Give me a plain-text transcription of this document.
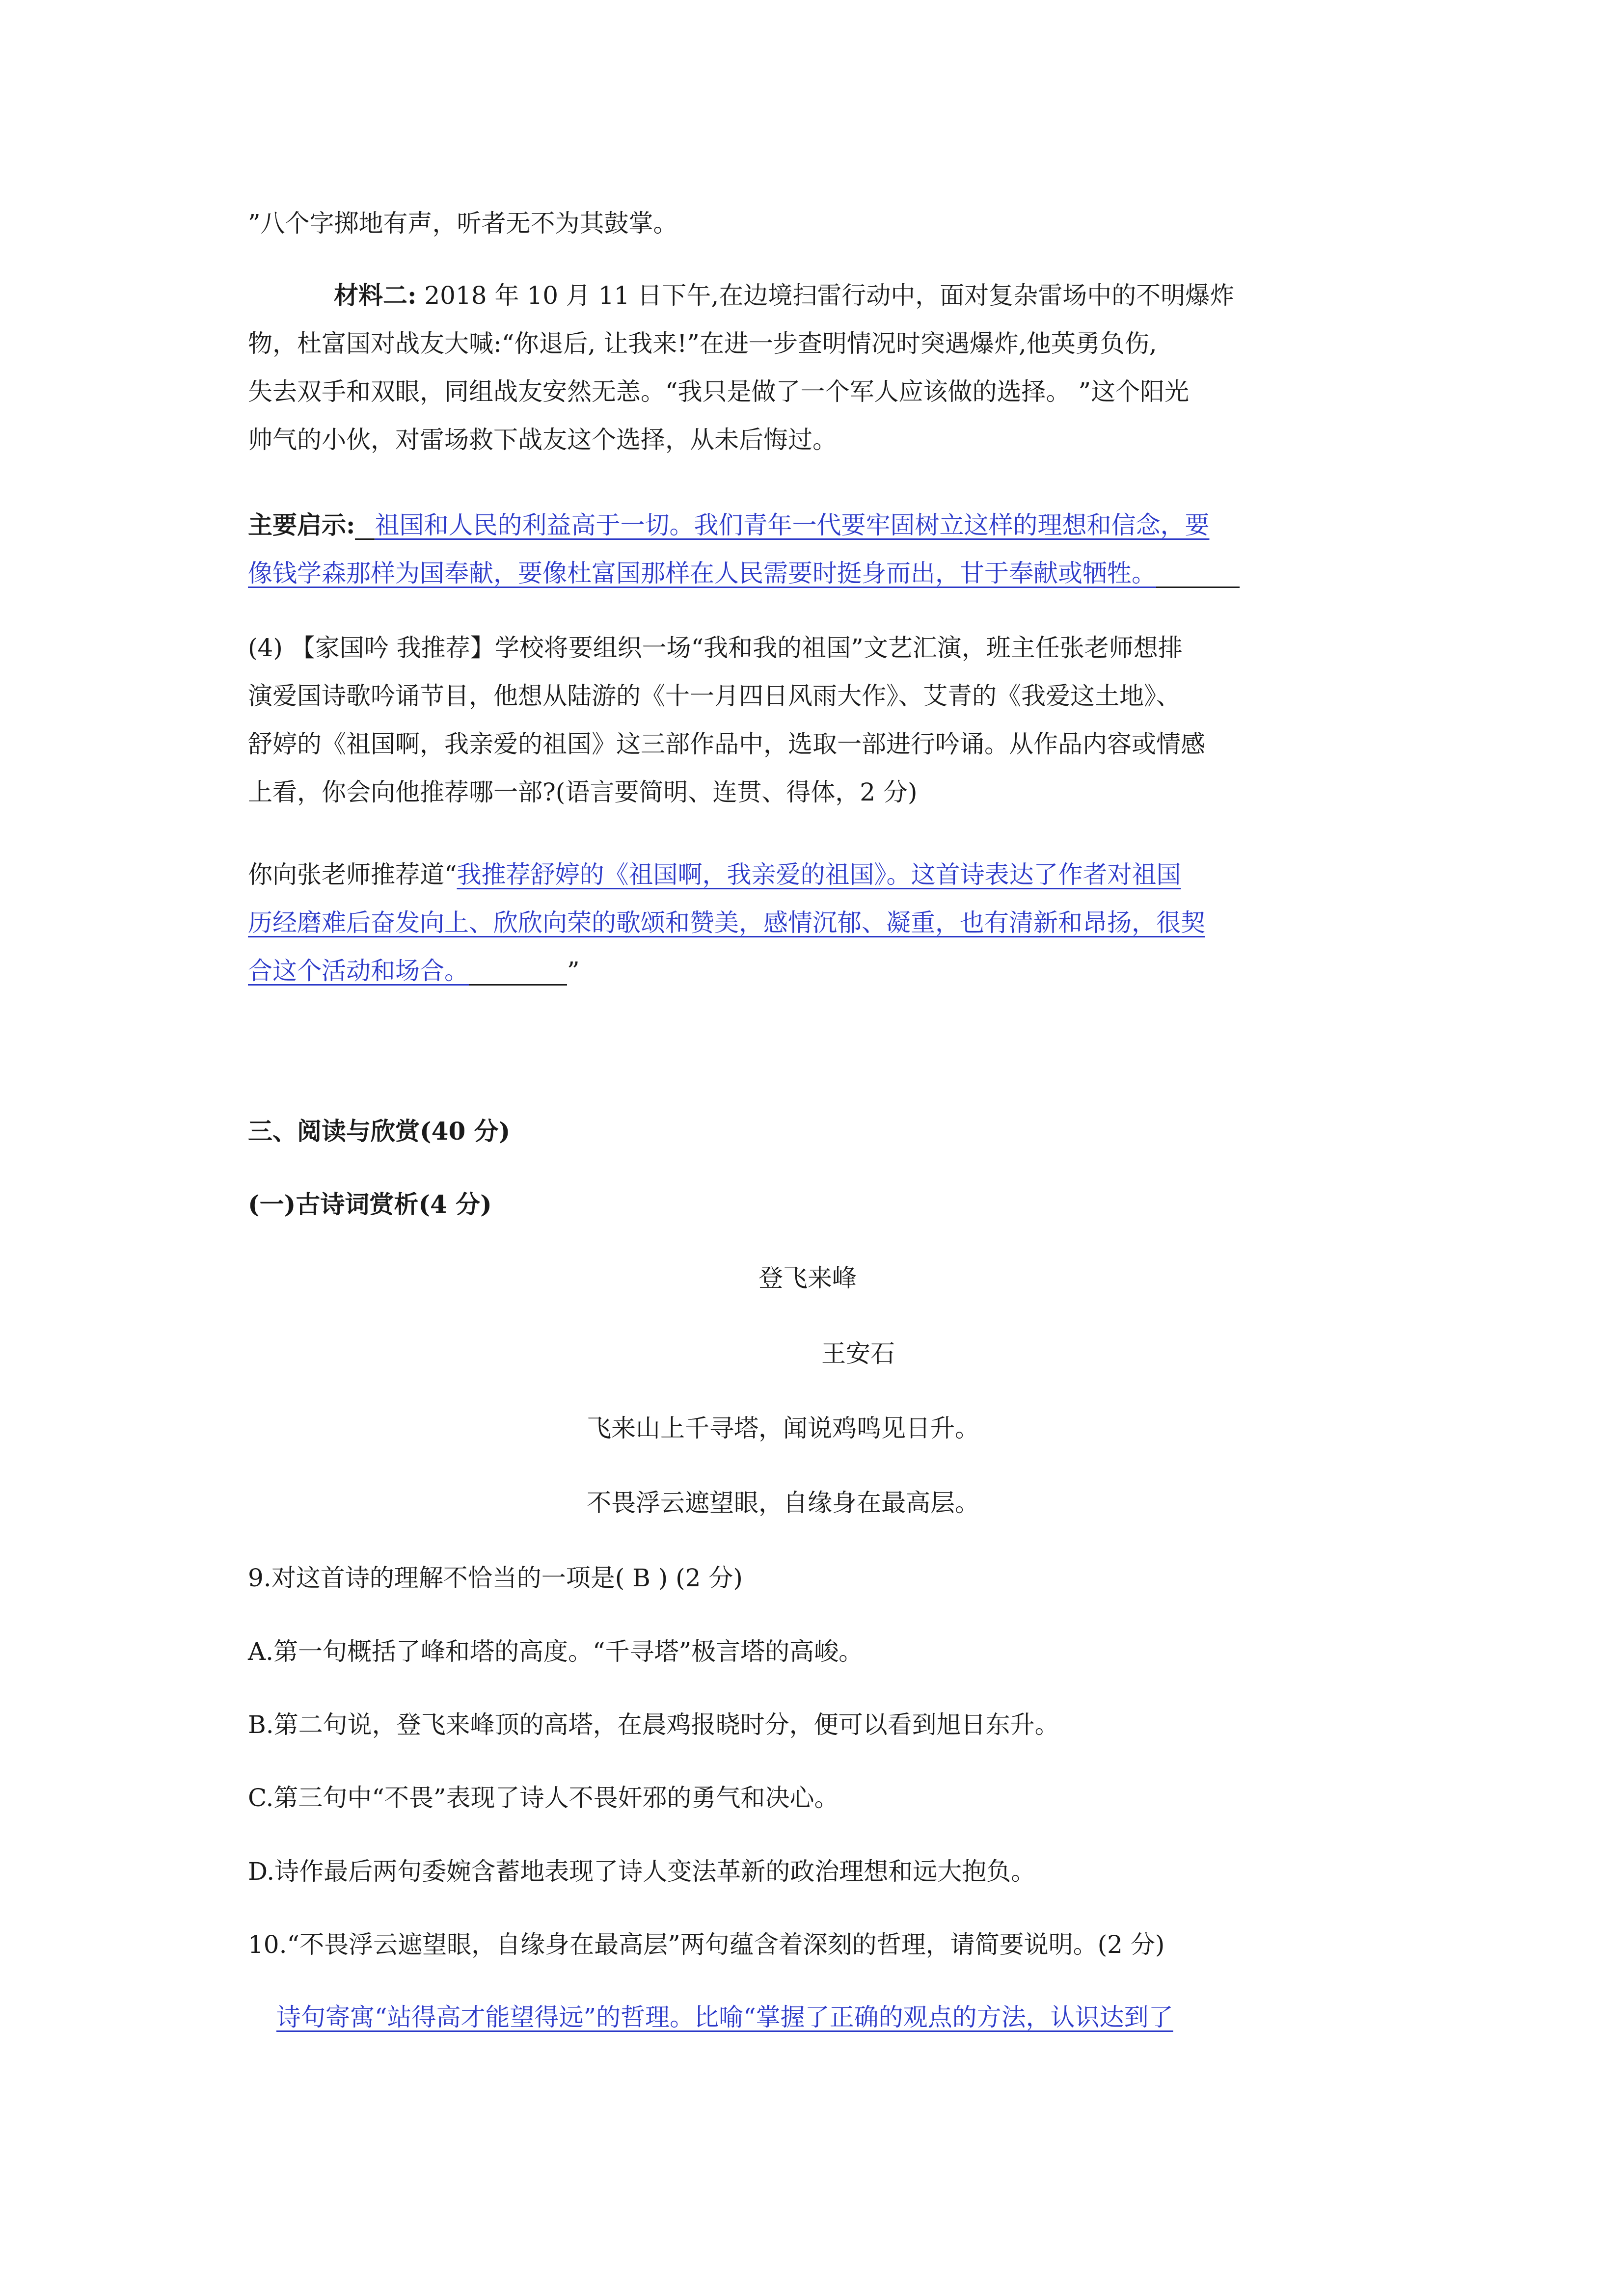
”八个字掷地有声，听者无不为其鼓掌。

材料二: 2018 年 10 月 11 日下午,在边境扫雷行动中，面对复杂雷场中的不明爆炸

物，杜富国对战友大喊:“你退后, 让我来!”在进一步查明情况时突遇爆炸,他英勇负伤,

失去双手和双眼，同组战友安然无恙。“我只是做了一个军人应该做的选择。 ”这个阳光

帅气的小伙，对雷场救下战友这个选择，从未后悔过。

主要启示: 祖国和人民的利益高于一切。我们青年一代要牢固树立这样的理想和信念，要

像钱学森那样为国奉献，要像杜富国那样在人民需要时挺身而出，甘于奉献或牺牲。

(4) 【家国吟 我推荐】学校将要组织一场“我和我的祖国”文艺汇演，班主任张老师想排

演爱国诗歌吟诵节目，他想从陆游的《十一月四日风雨大作》、艾青的《我爱这土地》、

舒婷的《祖国啊，我亲爱的祖国》这三部作品中，选取一部进行吟诵。从作品内容或情感

上看，你会向他推荐哪一部?(语言要简明、连贯、得体，2 分)

你向张老师推荐道“我推荐舒婷的《祖国啊，我亲爱的祖国》。这首诗表达了作者对祖国

历经磨难后奋发向上、欣欣向荣的歌颂和赞美，感情沉郁、凝重，也有清新和昂扬，很契

合这个活动和场合。	”

三、阅读与欣赏(40 分)

(一)古诗词赏析(4 分)

登飞来峰

王安石

飞来山上千寻塔，闻说鸡鸣见日升。

不畏浮云遮望眼，自缘身在最高层。

9.对这首诗的理解不恰当的一项是( B ) (2 分)

A.第一句概括了峰和塔的高度。“千寻塔”极言塔的高峻。

B.第二句说，登飞来峰顶的高塔，在晨鸡报晓时分，便可以看到旭日东升。

C.第三句中“不畏”表现了诗人不畏奸邪的勇气和决心。

D.诗作最后两句委婉含蓄地表现了诗人变法革新的政治理想和远大抱负。

10.“不畏浮云遮望眼，自缘身在最高层”两句蕴含着深刻的哲理，请简要说明。(2 分)

诗句寄寓“站得高才能望得远”的哲理。比喻“掌握了正确的观点的方法，认识达到了
